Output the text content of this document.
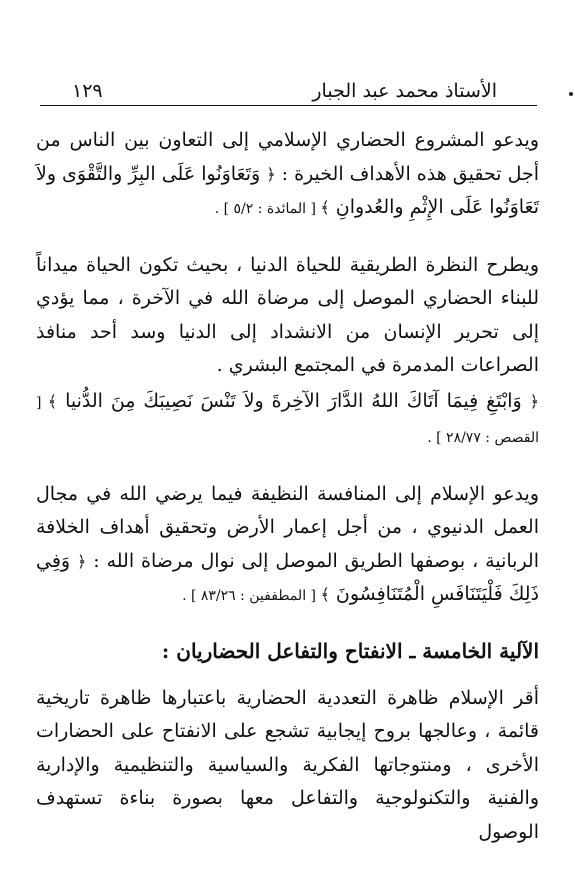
الأستاذ محمد عبد الجبار
١٢٩

ويدعو المشروع الحضاري الإسلامي إلى التعاون بين الناس من أجل تحقيق هذه الأهداف الخيرة : ﴿ وَتَعَاوَنُوا عَلَى البِرِّ والتَّقْوَى ولاَ تَعَاوَنُوا عَلَى الإِثْمِ والعُدوانِ ﴾ [ المائدة : ٥/٢ ] .

ويطرح النظرة الطريقية للحياة الدنيا ، بحيث تكون الحياة ميداناً للبناء الحضاري الموصل إلى مرضاة الله في الآخرة ، مما يؤدي إلى تحرير الإنسان من الانشداد إلى الدنيا وسد أحد منافذ الصراعات المدمرة في المجتمع البشري .

﴿ وَابْتَغِ فِيمَا آتَاكَ اللهُ الدَّارَ الآخِرةَ ولاَ تَنْسَ نَصِيبَكَ مِنَ الدُّنيا ﴾ [ القصص : ٢٨/٧٧ ] .

ويدعو الإسلام إلى المنافسة النظيفة فيما يرضي الله في مجال العمل الدنيوي ، من أجل إعمار الأرض وتحقيق أهداف الخلافة الربانية ، بوصفها الطريق الموصل إلى نوال مرضاة الله : ﴿ وَفِي ذَلِكَ فَلْيَتَنَافَسِ الْمُتَنَافِسُونَ ﴾ [ المطففين : ٨٣/٢٦ ] .

الآلية الخامسة ـ الانفتاح والتفاعل الحضاريان :

أقر الإسلام ظاهرة التعددية الحضارية باعتبارها ظاهرة تاريخية قائمة ، وعالجها بروح إيجابية تشجع على الانفتاح على الحضارات الأخرى ، ومنتوجاتها الفكرية والسياسية والتنظيمية والإدارية والفنية والتكنولوجية والتفاعل معها بصورة بناءة تستهدف الوصول
